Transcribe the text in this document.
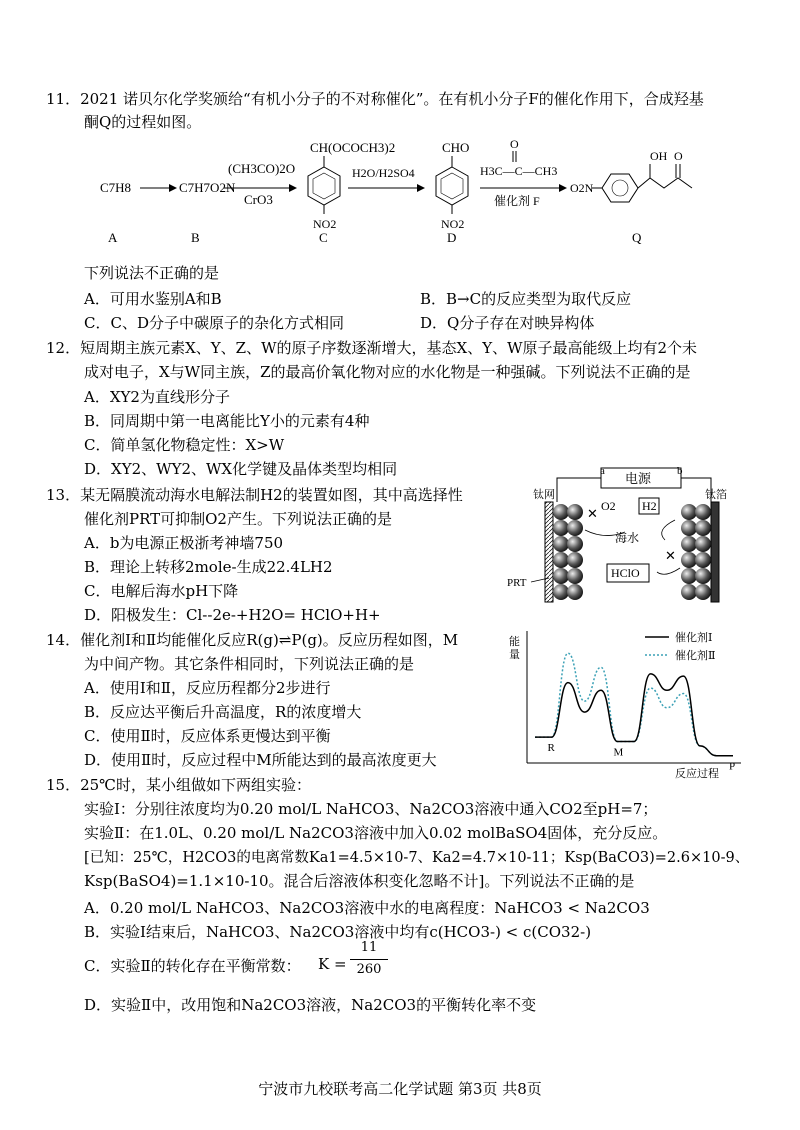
11．2021 诺贝尔化学奖颁给“有机小分子的不对称催化”。在有机小分子F的催化作用下，合成羟基
酮Q的过程如图。
C7H8	C7H7O2N
(CH3CO)2O
CrO3
CH(OCOCH3)2
NO2
H2O/H2SO4
CHO
NO2
O
H3C—C—CH3
催化剂 F
O2N
OH O
A	B	C	D	Q
下列说法不正确的是
A．可用水鉴别A和B	B．B→C的反应类型为取代反应
C．C、D分子中碳原子的杂化方式相同	D．Q分子存在对映异构体
12．短周期主族元素X、Y、Z、W的原子序数逐渐增大，基态X、Y、W原子最高能级上均有2个未
成对电子，X与W同主族，Z的最高价氧化物对应的水化物是一种强碱。下列说法不正确的是
A．XY2为直线形分子
B．同周期中第一电离能比Y小的元素有4种
C．简单氢化物稳定性：X>W
D．XY2、WY2、WX化学键及晶体类型均相同
13．某无隔膜流动海水电解法制H2的装置如图，其中高选择性
催化剂PRT可抑制O2产生。下列说法正确的是
A．b为电源正极浙考神墙750
B．理论上转移2mole-生成22.4LH2
C．电解后海水pH下降
D．阳极发生：Cl--2e-+H2O= HClO+H+
电源
a	b
钛网	钛箔
O2 H2
✕
海水
✕
HClO
PRT
14．催化剂Ⅰ和Ⅱ均能催化反应R(g)⇌P(g)。反应历程如图，M
为中间产物。其它条件相同时，下列说法正确的是
A．使用Ⅰ和Ⅱ，反应历程都分2步进行
B．反应达平衡后升高温度，R的浓度增大
C．使用Ⅱ时，反应体系更慢达到平衡
D．使用Ⅱ时，反应过程中M所能达到的最高浓度更大
能
量
能量
反应过程
催化剂Ⅰ
催化剂Ⅱ
R	M
P
15．25℃时，某小组做如下两组实验：
实验Ⅰ：分别往浓度均为0.20 mol/L NaHCO3、Na2CO3溶液中通入CO2至pH=7；
实验Ⅱ：在1.0L、0.20 mol/L Na2CO3溶液中加入0.02 molBaSO4固体，充分反应。
[已知：25℃，H2CO3的电离常数Ka1=4.5×10-7、Ka2=4.7×10-11；Ksp(BaCO3)=2.6×10-9、
Ksp(BaSO4)=1.1×10-10。混合后溶液体积变化忽略不计]。下列说法不正确的是
A．0.20 mol/L NaHCO3、Na2CO3溶液中水的电离程度：NaHCO3 < Na2CO3
B．实验Ⅰ结束后，NaHCO3、Na2CO3溶液中均有c(HCO3-) < c(CO32-)
C．实验Ⅱ的转化存在平衡常数： K =
11
260
D．实验Ⅱ中，改用饱和Na2CO3溶液，Na2CO3的平衡转化率不变
宁波市九校联考高二化学试题 第3页 共8页
